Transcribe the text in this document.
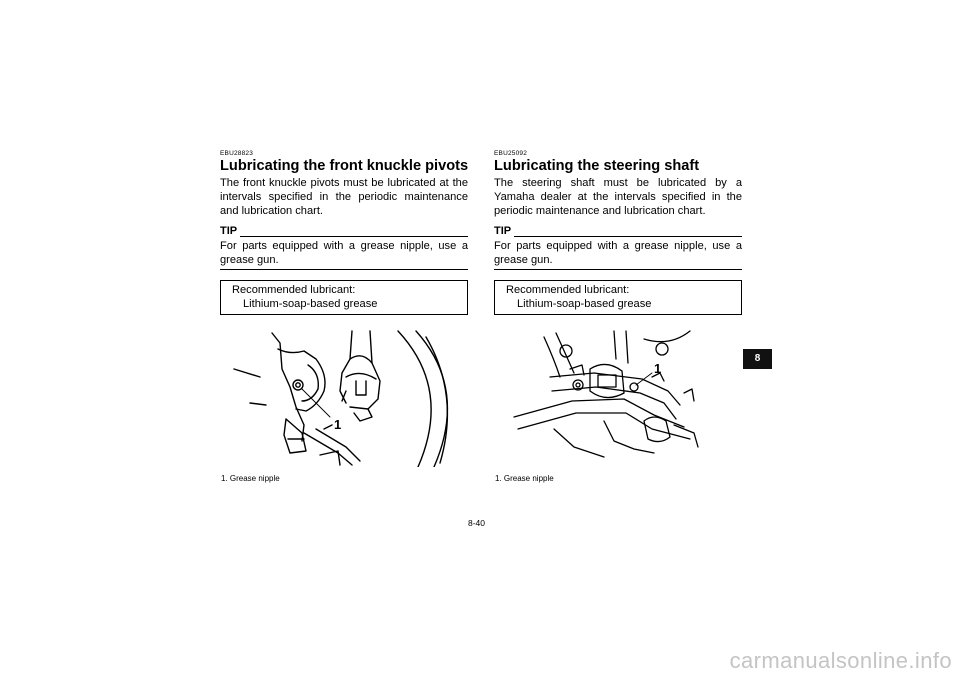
EBU28823
Lubricating the front knuckle pivots
The front knuckle pivots must be lubricated at the intervals specified in the periodic maintenance and lubrication chart.
TIP
For parts equipped with a grease nipple, use a grease gun.
Recommended lubricant:
Lithium-soap-based grease
1
EBU25092
Lubricating the steering shaft
The steering shaft must be lubricated by a Yamaha dealer at the intervals specified in the periodic maintenance and lubrication chart.
TIP
For parts equipped with a grease nipple, use a grease gun.
Recommended lubricant:
Lithium-soap-based grease
1
1. Grease nipple	1. Grease nipple
8-40
8
carmanualsonline.info
